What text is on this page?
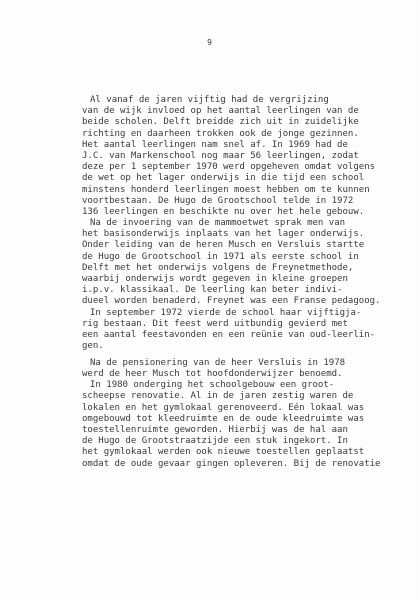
9
Al vanaf de jaren vijftig had de vergrijzing
van de wijk invloed op het aantal leerlingen van de
beide scholen. Delft breidde zich uit in zuidelijke
richting en daarheen trokken ook de jonge gezinnen.
Het aantal leerlingen nam snel af. In 1969 had de
J.C. van Markenschool nog maar 56 leerlingen, zodat
deze per 1 september 1970 werd opgeheven omdat volgens
de wet op het lager onderwijs in die tijd een school
minstens honderd leerlingen moest hebben om te kunnen
voortbestaan. De Hugo de Grootschool telde in 1972
136 leerlingen en beschikte nu over het hele gebouw.
Na de invoering van de mammoetwet sprak men van
het basisonderwijs inplaats van het lager onderwijs.
Onder leiding van de heren Musch en Versluis startte
de Hugo de Grootschool in 1971 als eerste school in
Delft met het onderwijs volgens de Freynetmethode,
waarbij onderwijs wordt gegeven in kleine groepen
i.p.v. klassikaal. De leerling kan beter indivi-
dueel worden benaderd. Freynet was een Franse pedagoog.
In september 1972 vierde de school haar vijftigja-
rig bestaan. Dit feest werd uitbundig gevierd met
een aantal feestavonden en een reünie van oud-leerlin-
gen.
Na de pensionering van de heer Versluis in 1978
werd de heer Musch tot hoofdonderwijzer benoemd.
In 1980 onderging het schoolgebouw een groot-
scheepse renovatie. Al in de jaren zestig waren de
lokalen en het gymlokaal gerenoveerd. Eén lokaal was
omgebouwd tot kleedruimte en de oude kleedruimte was
toestellenruimte geworden. Hierbij was de hal aan
de Hugo de Grootstraatzijde een stuk ingekort. In
het gymlokaal werden ook nieuwe toestellen geplaatst
omdat de oude gevaar gingen opleveren. Bij de renovatie
